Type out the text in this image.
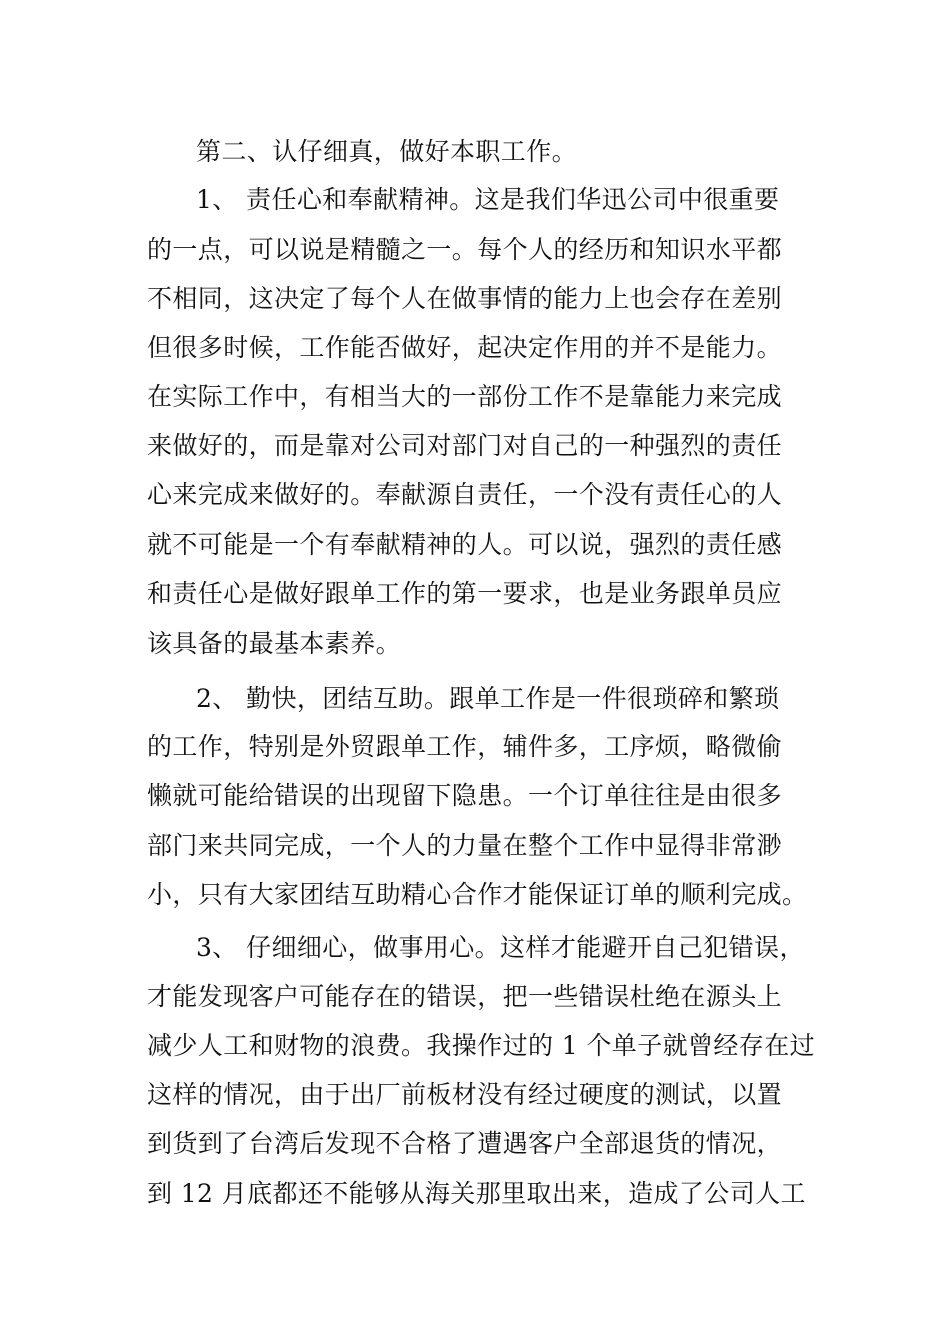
第二、认仔细真，做好本职工作。
1、 责任心和奉献精神。这是我们华迅公司中很重要
的一点，可以说是精髓之一。每个人的经历和知识水平都
不相同，这决定了每个人在做事情的能力上也会存在差别
但很多时候，工作能否做好，起决定作用的并不是能力。
在实际工作中，有相当大的一部份工作不是靠能力来完成
来做好的，而是靠对公司对部门对自己的一种强烈的责任
心来完成来做好的。奉献源自责任，一个没有责任心的人
就不可能是一个有奉献精神的人。可以说，强烈的责任感
和责任心是做好跟单工作的第一要求，也是业务跟单员应
该具备的最基本素养。
2、 勤快，团结互助。跟单工作是一件很琐碎和繁琐
的工作，特别是外贸跟单工作，辅件多，工序烦，略微偷
懒就可能给错误的出现留下隐患。一个订单往往是由很多
部门来共同完成，一个人的力量在整个工作中显得非常渺
小，只有大家团结互助精心合作才能保证订单的顺利完成。
3、 仔细细心，做事用心。这样才能避开自己犯错误，
才能发现客户可能存在的错误，把一些错误杜绝在源头上
减少人工和财物的浪费。我操作过的 1 个单子就曾经存在过
这样的情况，由于出厂前板材没有经过硬度的测试，以置
到货到了台湾后发现不合格了遭遇客户全部退货的情况，
到 12 月底都还不能够从海关那里取出来，造成了公司人工
